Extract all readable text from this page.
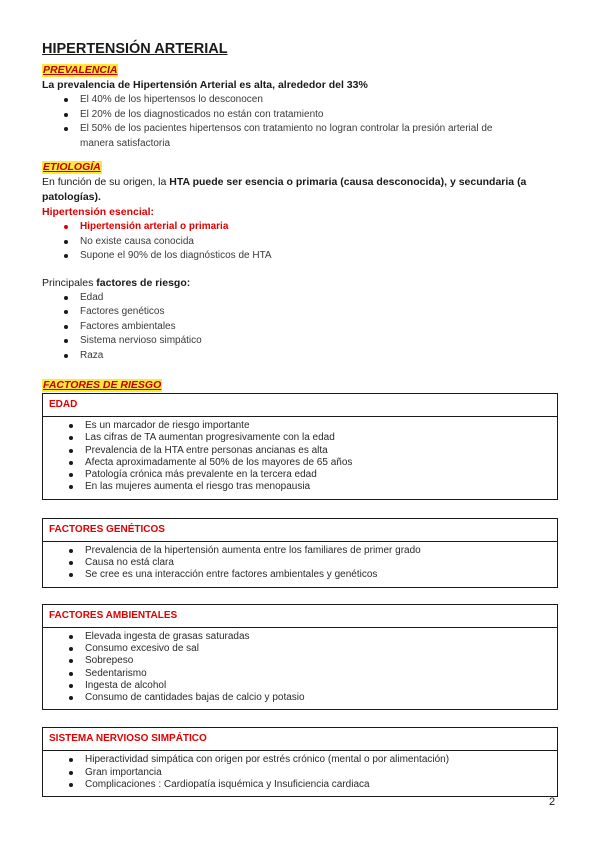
HIPERTENSIÓN ARTERIAL
PREVALENCIA

La prevalencia de Hipertensión Arterial es alta, alrededor del 33%

El 40% de los hipertensos lo desconocen
El 20% de los diagnosticados no están con tratamiento
El 50% de los pacientes hipertensos con tratamiento no logran controlar la presión arterial de

manera satisfactoria

ETIOLOGÍA

En función de su origen, la HTA puede ser esencia o primaria (causa desconocida), y secundaria (a

patologías).

Hipertensión esencial:

Hipertensión arterial o primaria
No existe causa conocida
Supone el 90% de los diagnósticos de HTA

Principales factores de riesgo:

Edad
Factores genéticos
Factores ambientales
Sistema nervioso simpático
Raza
FACTORES DE RIESGO
EDAD
Es un marcador de riesgo importante
Las cifras de TA aumentan progresivamente con la edad
Prevalencia de la HTA entre personas ancianas es alta
Afecta aproximadamente al 50% de los mayores de 65 años
Patología crónica más prevalente en la tercera edad
En las mujeres aumenta el riesgo tras menopausia
FACTORES GENÉTICOS
Prevalencia de la hipertensión aumenta entre los familiares de primer grado
Causa no está clara
Se cree es una interacción entre factores ambientales y genéticos
FACTORES AMBIENTALES
Elevada ingesta de grasas saturadas
Consumo excesivo de sal
Sobrepeso
Sedentarismo
Ingesta de alcohol
Consumo de cantidades bajas de calcio y potasio
SISTEMA NERVIOSO SIMPÁTICO
Hiperactividad simpática con origen por estrés crónico (mental o por alimentación)
Gran importancia
Complicaciones : Cardiopatía isquémica y Insuficiencia cardiaca
2
